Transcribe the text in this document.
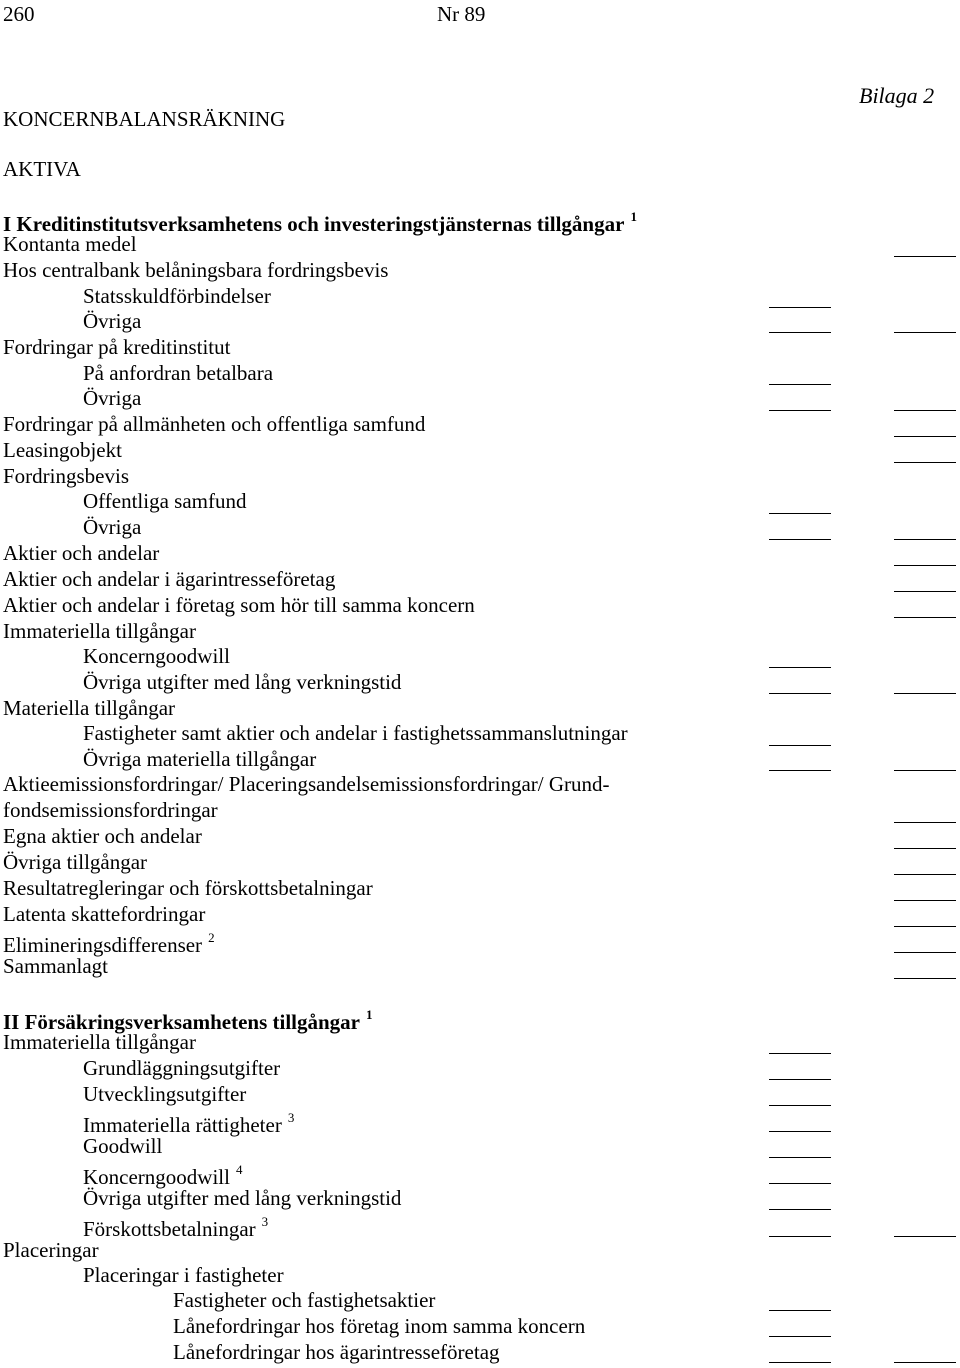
260	Nr 89
Bilaga 2
KONCERNBALANSRÄKNING
AKTIVA
I Kreditinstitutsverksamhetens och investeringstjänsternas tillgångar $^1$
Kontanta medel
Hos centralbank belåningsbara fordringsbevis
Statsskuldförbindelser
Övriga
Fordringar på kreditinstitut
På anfordran betalbara
Övriga
Fordringar på allmänheten och offentliga samfund
Leasingobjekt
Fordringsbevis
Offentliga samfund
Övriga
Aktier och andelar
Aktier och andelar i ägarintresseföretag
Aktier och andelar i företag som hör till samma koncern
Immateriella tillgångar
Koncerngoodwill
Övriga utgifter med lång verkningstid
Materiella tillgångar
Fastigheter samt aktier och andelar i fastighetssammanslutningar
Övriga materiella tillgångar
Aktieemissionsfordringar/ Placeringsandelsemissionsfordringar/ Grund-
fondsemissionsfordringar
Egna aktier och andelar
Övriga tillgångar
Resultatregleringar och förskottsbetalningar
Latenta skattefordringar
Elimineringsdifferenser $^2$
Sammanlagt
II Försäkringsverksamhetens tillgångar $^1$
Immateriella tillgångar
Grundläggningsutgifter
Utvecklingsutgifter
Immateriella rättigheter $^3$
Goodwill
Koncerngoodwill $^4$
Övriga utgifter med lång verkningstid
Förskottsbetalningar $^3$
Placeringar
Placeringar i fastigheter
Fastigheter och fastighetsaktier
Lånefordringar hos företag inom samma koncern
Lånefordringar hos ägarintresseföretag
